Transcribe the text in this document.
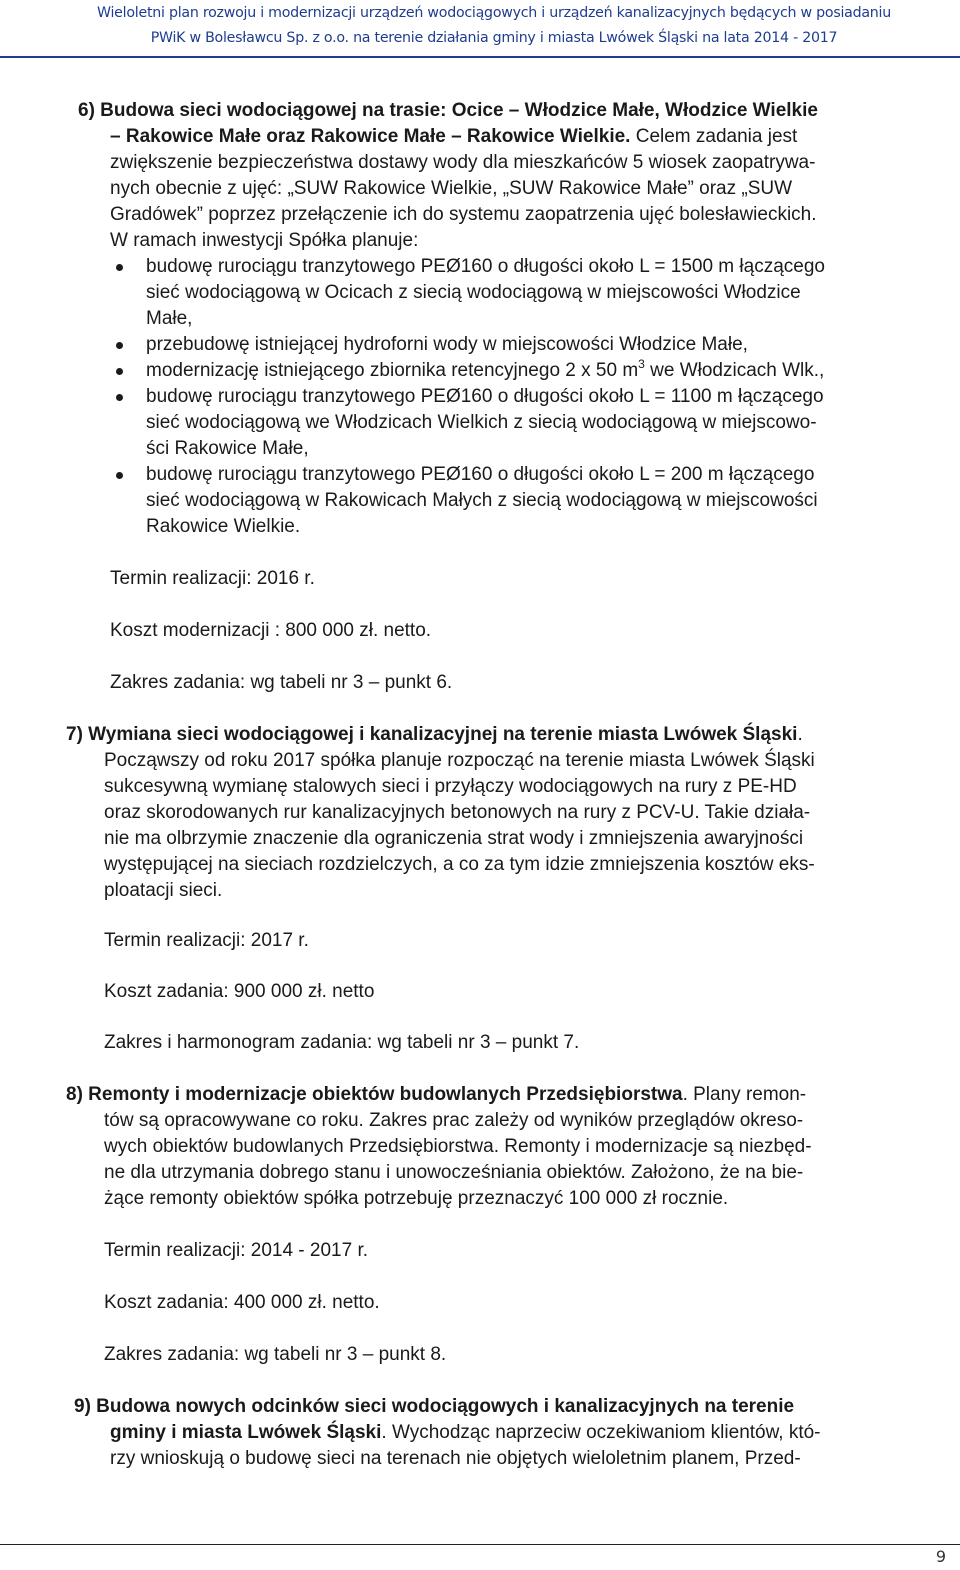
Wieloletni plan rozwoju i modernizacji urządzeń wodociągowych i urządzeń kanalizacyjnych będących w posiadaniu
PWiK w Bolesławcu Sp. z o.o. na terenie działania gminy i miasta Lwówek Śląski na lata 2014 - 2017
6) Budowa sieci wodociągowej na trasie: Ocice – Włodzice Małe, Włodzice Wielkie
– Rakowice Małe oraz Rakowice Małe – Rakowice Wielkie. Celem zadania jest
zwiększenie bezpieczeństwa dostawy wody dla mieszkańców 5 wiosek zaopatrywa-
nych obecnie z ujęć: „SUW Rakowice Wielkie, „SUW Rakowice Małe” oraz „SUW
Gradówek” poprzez przełączenie ich do systemu zaopatrzenia ujęć bolesławieckich.
W ramach inwestycji Spółka planuje:
budowę rurociągu tranzytowego PEØ160 o długości około L = 1500 m łączącego
sieć wodociągową w Ocicach z siecią wodociągową w miejscowości Włodzice
Małe,
przebudowę istniejącej hydroforni wody w miejscowości Włodzice Małe,
modernizację istniejącego zbiornika retencyjnego 2 x 50 $m^3$ we Włodzicach Wlk.,
budowę rurociągu tranzytowego PEØ160 o długości około L = 1100 m łączącego
sieć wodociągową we Włodzicach Wielkich z siecią wodociągową w miejscowo-
ści Rakowice Małe,
budowę rurociągu tranzytowego PEØ160 o długości około L = 200 m łączącego
sieć wodociągową w Rakowicach Małych z siecią wodociągową w miejscowości
Rakowice Wielkie.
Termin realizacji: 2016 r.
Koszt modernizacji : 800 000 zł. netto.
Zakres zadania: wg tabeli nr 3 – punkt 6.
7) Wymiana sieci wodociągowej i kanalizacyjnej na terenie miasta Lwówek Śląski.
Począwszy od roku 2017 spółka planuje rozpocząć na terenie miasta Lwówek Śląski
sukcesywną wymianę stalowych sieci i przyłączy wodociągowych na rury z PE-HD
oraz skorodowanych rur kanalizacyjnych betonowych na rury z PCV-U. Takie działa-
nie ma olbrzymie znaczenie dla ograniczenia strat wody i zmniejszenia awaryjności
występującej na sieciach rozdzielczych, a co za tym idzie zmniejszenia kosztów eks-
ploatacji sieci.
Termin realizacji: 2017 r.
Koszt zadania: 900 000 zł. netto
Zakres i harmonogram zadania: wg tabeli nr 3 – punkt 7.
8) Remonty i modernizacje obiektów budowlanych Przedsiębiorstwa. Plany remon-
tów są opracowywane co roku. Zakres prac zależy od wyników przeglądów okreso-
wych obiektów budowlanych Przedsiębiorstwa. Remonty i modernizacje są niezbęd-
ne dla utrzymania dobrego stanu i unowocześniania obiektów. Założono, że na bie-
żące remonty obiektów spółka potrzebuję przeznaczyć 100 000 zł rocznie.
Termin realizacji: 2014 - 2017 r.
Koszt zadania: 400 000 zł. netto.
Zakres zadania: wg tabeli nr 3 – punkt 8.
9) Budowa nowych odcinków sieci wodociągowych i kanalizacyjnych na terenie
gminy i miasta Lwówek Śląski. Wychodząc naprzeciw oczekiwaniom klientów, któ-
rzy wnioskują o budowę sieci na terenach nie objętych wieloletnim planem, Przed-
9
